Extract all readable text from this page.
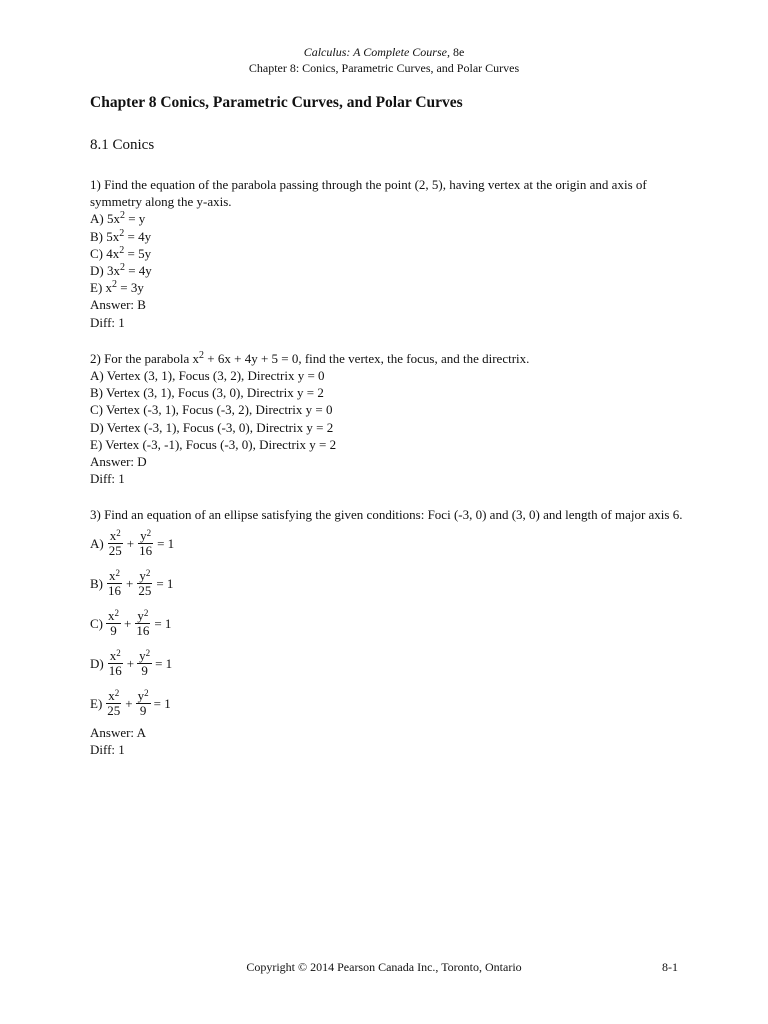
Calculus: A Complete Course, 8e
Chapter 8: Conics, Parametric Curves, and Polar Curves
Chapter 8 Conics, Parametric Curves, and Polar Curves
8.1 Conics
1) Find the equation of the parabola passing through the point (2, 5), having vertex at the origin and axis of symmetry along the y-axis.
A) $5x^2 = y$
B) $5x^2 = 4y$
C) $4x^2 = 5y$
D) $3x^2 = 4y$
E) $x^2 = 3y$
Answer: B
Diff: 1
2) For the parabola $x^2 + 6x + 4y + 5 = 0$, find the vertex, the focus, and the directrix.
A) Vertex (3, 1), Focus (3, 2), Directrix y = 0
B) Vertex (3, 1), Focus (3, 0), Directrix y = 2
C) Vertex (-3, 1), Focus (-3, 2), Directrix y = 0
D) Vertex (-3, 1), Focus (-3, 0), Directrix y = 2
E) Vertex (-3, -1), Focus (-3, 0), Directrix y = 2
Answer: D
Diff: 1
3) Find an equation of an ellipse satisfying the given conditions: Foci (-3, 0) and (3, 0) and length of major axis 6.
$A) \frac{x^2}{25} + \frac{y^2}{16} = 1$
$B) \frac{x^2}{16} + \frac{y^2}{25} = 1$
$C) \frac{x^2}{9} + \frac{y^2}{16} = 1$
$D) \frac{x^2}{16} + \frac{y^2}{9} = 1$
$E) \frac{x^2}{25} + \frac{y^2}{9} = 1$
Answer: A
Diff: 1
Copyright © 2014 Pearson Canada Inc., Toronto, Ontario	8-1
